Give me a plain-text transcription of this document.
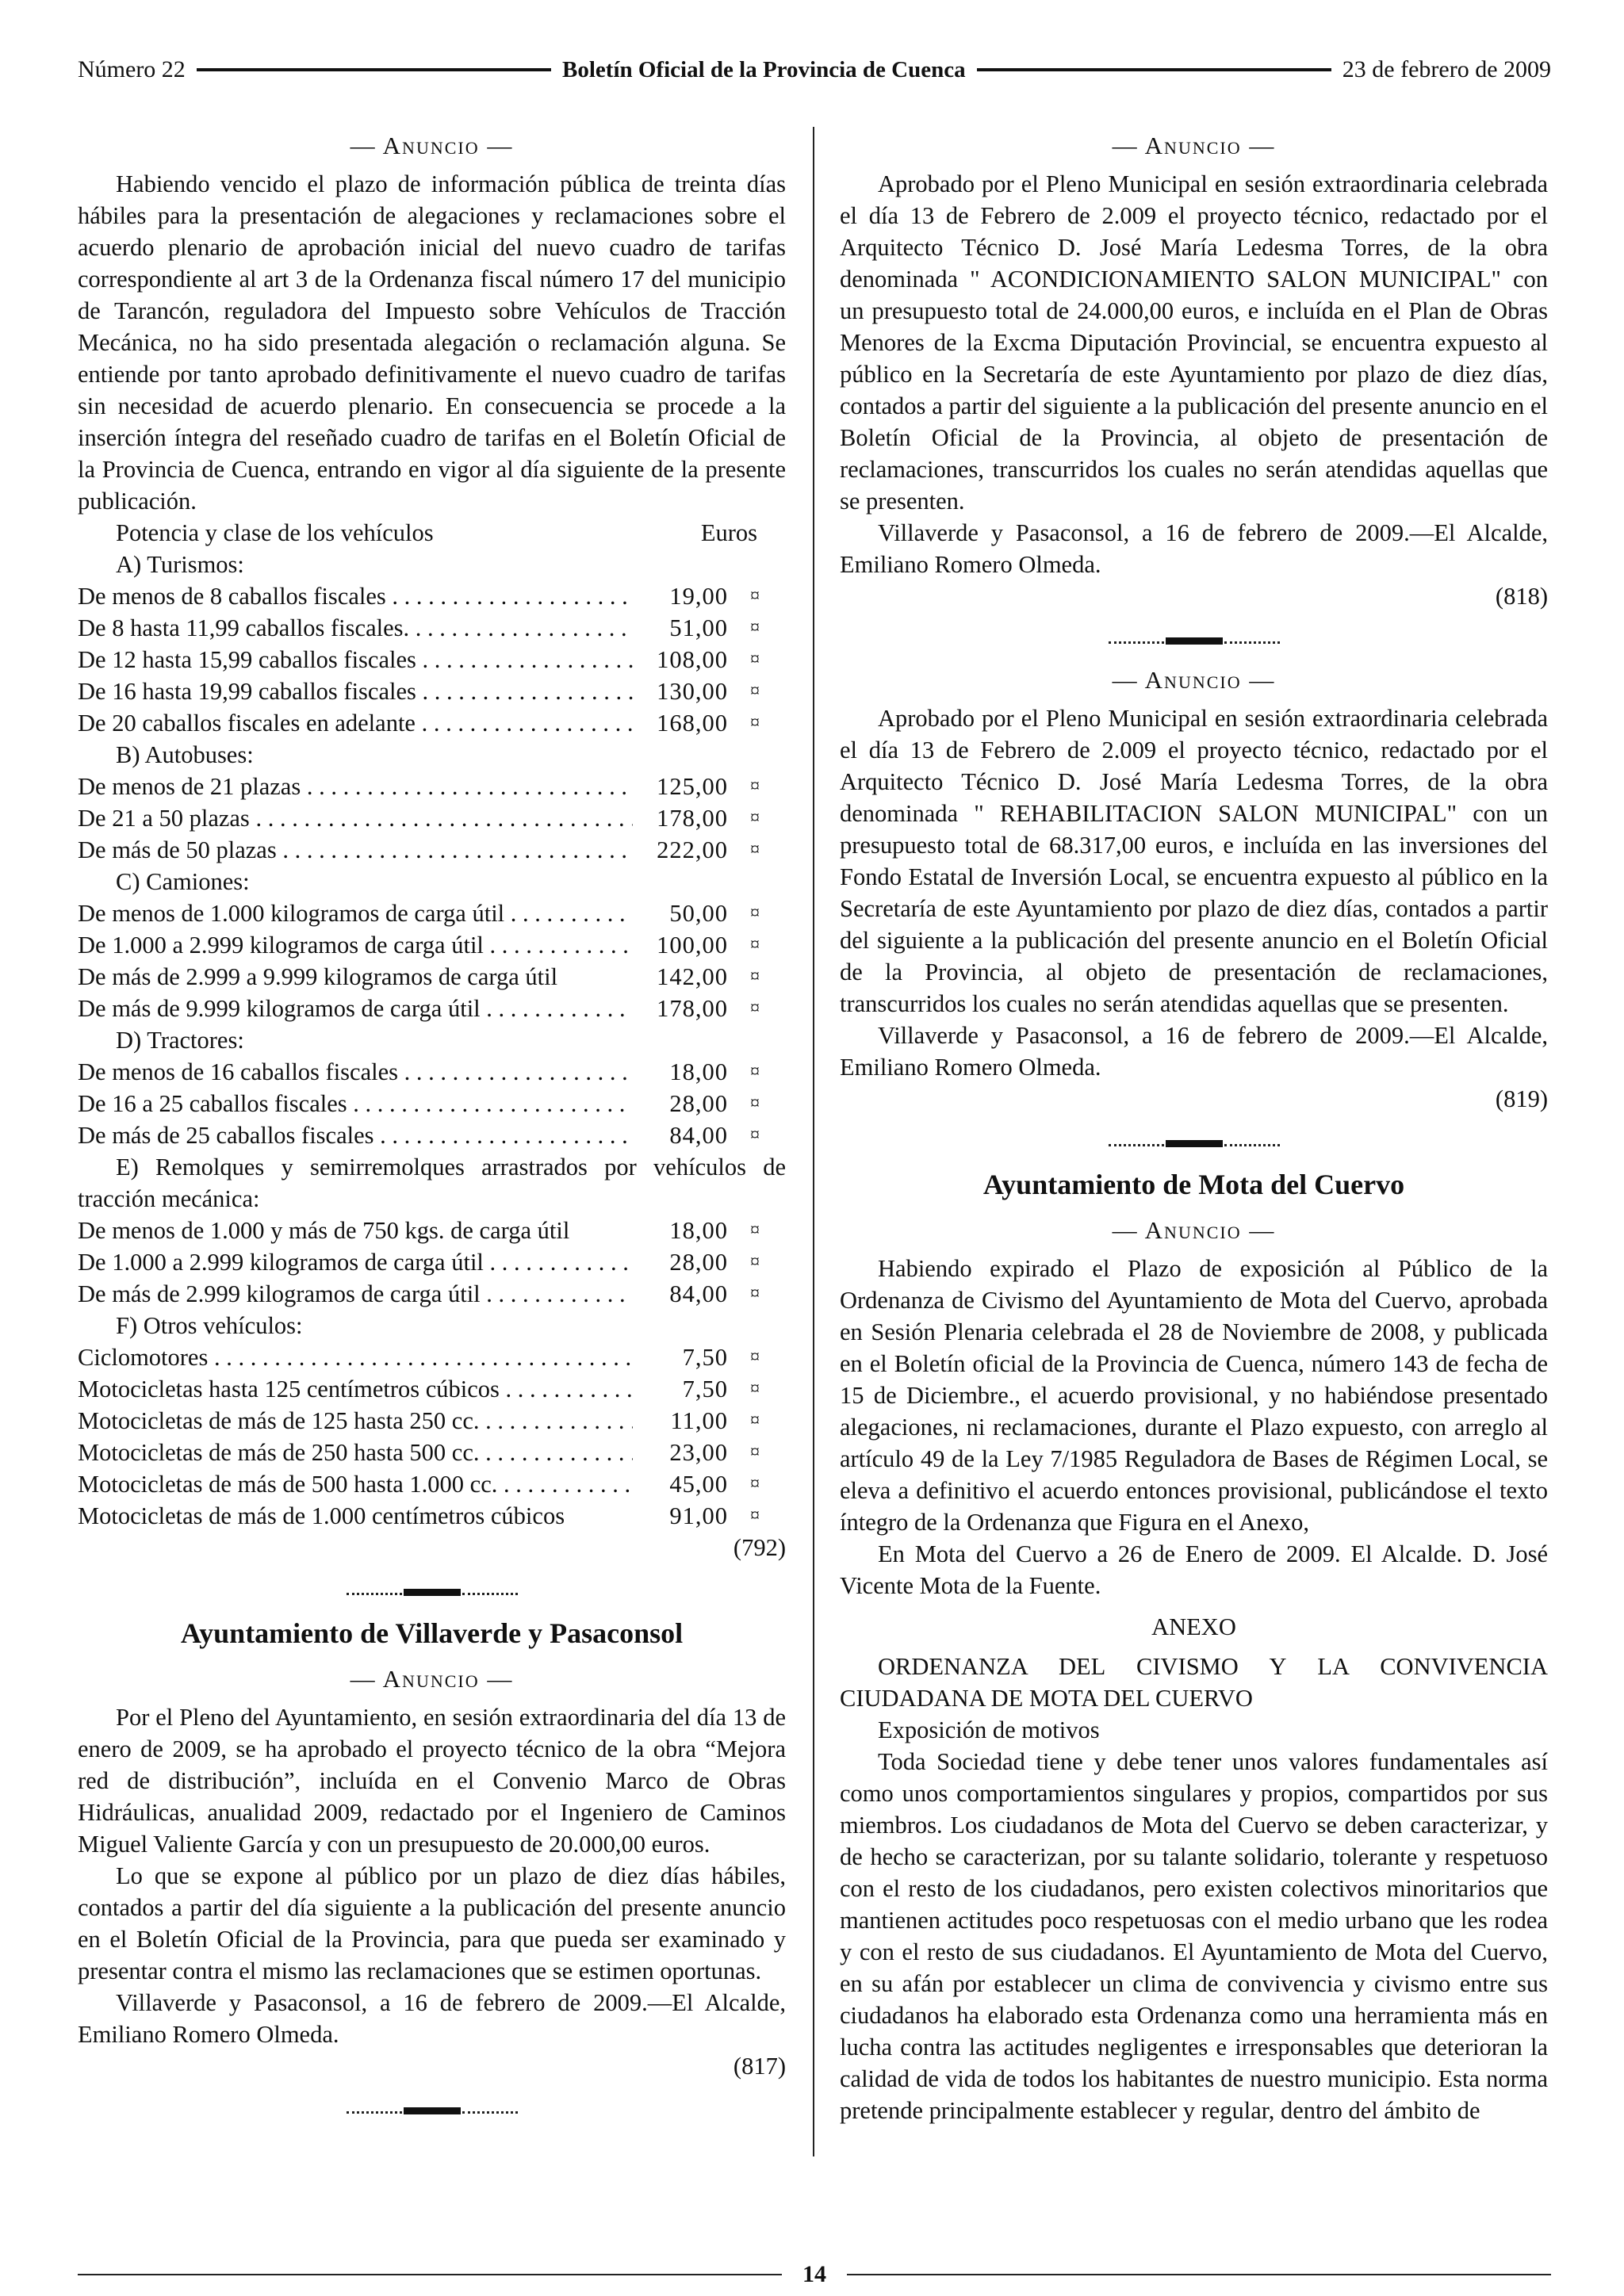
Número 22	Boletín Oficial de la Provincia de Cuenca	23 de febrero de 2009
— Anuncio —

Habiendo vencido el plazo de información pública de treinta días hábiles para la presentación de alegaciones y reclamaciones sobre el acuerdo plenario de aprobación inicial del nuevo cuadro de tarifas correspondiente al art 3 de la Ordenanza fiscal número 17 del municipio de Tarancón, reguladora del Impuesto sobre Vehículos de Tracción Mecánica, no ha sido presentada alegación o reclamación alguna. Se entiende por tanto aprobado definitivamente el nuevo cuadro de tarifas sin necesidad de acuerdo plenario. En consecuencia se procede a la inserción íntegra del reseñado cuadro de tarifas en el Boletín Oficial de la Provincia de Cuenca, entrando en vigor al día siguiente de la presente publicación.

Potencia y clase de los vehículos	Euros
A) Turismos:
De menos de 8 caballos fiscales . . .	19,00	¤
De 8 hasta 11,99 caballos fiscales. . . .	51,00	¤
De 12 hasta 15,99 caballos fiscales . . .	108,00	¤
De 16 hasta 19,99 caballos fiscales . . .	130,00	¤
De 20 caballos fiscales en adelante . . .	168,00	¤
B) Autobuses:
De menos de 21 plazas . . .	125,00	¤
De 21 a 50 plazas . . .	178,00	¤
De más de 50 plazas . . .	222,00	¤
C) Camiones:
De menos de 1.000 kilogramos de carga útil . . .	50,00	¤
De 1.000 a 2.999 kilogramos de carga útil . . .	100,00	¤
De más de 2.999 a 9.999 kilogramos de carga útil	142,00	¤
De más de 9.999 kilogramos de carga útil . . .	178,00	¤
D) Tractores:
De menos de 16 caballos fiscales . . .	18,00	¤
De 16 a 25 caballos fiscales . . .	28,00	¤
De más de 25 caballos fiscales . . .	84,00	¤

E) Remolques y semirremolques arrastrados por vehículos de tracción mecánica:

De menos de 1.000 y más de 750 kgs. de carga útil	18,00	¤
De 1.000 a 2.999 kilogramos de carga útil . . .	28,00	¤
De más de 2.999 kilogramos de carga útil . . .	84,00	¤
F) Otros vehículos:
Ciclomotores . . .	7,50	¤
Motocicletas hasta 125 centímetros cúbicos . . .	7,50	¤
Motocicletas de más de 125 hasta 250 cc. . . .	11,00	¤
Motocicletas de más de 250 hasta 500 cc. . . .	23,00	¤
Motocicletas de más de 500 hasta 1.000 cc. . . .	45,00	¤
Motocicletas de más de 1.000 centímetros cúbicos	91,00	¤
(792)
Ayuntamiento de Villaverde y Pasaconsol
— Anuncio —

Por el Pleno del Ayuntamiento, en sesión extraordinaria del día 13 de enero de 2009, se ha aprobado el proyecto técnico de la obra “Mejora red de distribución”, incluída en el Convenio Marco de Obras Hidráulicas, anualidad 2009, redactado por el Ingeniero de Caminos Miguel Valiente García y con un presupuesto de 20.000,00 euros.

Lo que se expone al público por un plazo de diez días hábiles, contados a partir del día siguiente a la publicación del presente anuncio en el Boletín Oficial de la Provincia, para que pueda ser examinado y presentar contra el mismo las reclamaciones que se estimen oportunas.

Villaverde y Pasaconsol, a 16 de febrero de 2009.—El Alcalde, Emiliano Romero Olmeda.

(817)
— Anuncio —

Aprobado por el Pleno Municipal en sesión extraordinaria celebrada el día 13 de Febrero de 2.009 el proyecto técnico, redactado por el Arquitecto Técnico D. José María Ledesma Torres, de la obra denominada " ACONDICIONAMIENTO SALON MUNICIPAL" con un presupuesto total de 24.000,00 euros, e incluída en el Plan de Obras Menores de la Excma Diputación Provincial, se encuentra expuesto al público en la Secretaría de este Ayuntamiento por plazo de diez días, contados a partir del siguiente a la publicación del presente anuncio en el Boletín Oficial de la Provincia, al objeto de presentación de reclamaciones, transcurridos los cuales no serán atendidas aquellas que se presenten.

Villaverde y Pasaconsol, a 16 de febrero de 2009.—El Alcalde, Emiliano Romero Olmeda.

(818)
— Anuncio —

Aprobado por el Pleno Municipal en sesión extraordinaria celebrada el día 13 de Febrero de 2.009 el proyecto técnico, redactado por el Arquitecto Técnico D. José María Ledesma Torres, de la obra denominada " REHABILITACION SALON MUNICIPAL" con un presupuesto total de 68.317,00 euros, e incluída en las inversiones del Fondo Estatal de Inversión Local, se encuentra expuesto al público en la Secretaría de este Ayuntamiento por plazo de diez días, contados a partir del siguiente a la publicación del presente anuncio en el Boletín Oficial de la Provincia, al objeto de presentación de reclamaciones, transcurridos los cuales no serán atendidas aquellas que se presenten.

Villaverde y Pasaconsol, a 16 de febrero de 2009.—El Alcalde, Emiliano Romero Olmeda.

(819)
Ayuntamiento de Mota del Cuervo
— Anuncio —

Habiendo expirado el Plazo de exposición al Público de la Ordenanza de Civismo del Ayuntamiento de Mota del Cuervo, aprobada en Sesión Plenaria celebrada el 28 de Noviembre de 2008, y publicada en el Boletín oficial de la Provincia de Cuenca, número 143 de fecha de 15 de Diciembre., el acuerdo provisional, y no habiéndose presentado alegaciones, ni reclamaciones, durante el Plazo expuesto, con arreglo al artículo 49 de la Ley 7/1985 Reguladora de Bases de Régimen Local, se eleva a definitivo el acuerdo entonces provisional, publicándose el texto íntegro de la Ordenanza que Figura en el Anexo,

En Mota del Cuervo a 26 de Enero de 2009. El Alcalde. D. José Vicente Mota de la Fuente.

ANEXO

ORDENANZA DEL CIVISMO Y LA CONVIVENCIA CIUDADANA DE MOTA DEL CUERVO

Exposición de motivos

Toda Sociedad tiene y debe tener unos valores fundamentales así como unos comportamientos singulares y propios, compartidos por sus miembros. Los ciudadanos de Mota del Cuervo se deben caracterizar, y de hecho se caracterizan, por su talante solidario, tolerante y respetuoso con el resto de los ciudadanos, pero existen colectivos minoritarios que mantienen actitudes poco respetuosas con el medio urbano que les rodea y con el resto de sus ciudadanos. El Ayuntamiento de Mota del Cuervo, en su afán por establecer un clima de convivencia y civismo entre sus ciudadanos ha elaborado esta Ordenanza como una herramienta más en lucha contra las actitudes negligentes e irresponsables que deterioran la calidad de vida de todos los habitantes de nuestro municipio. Esta norma pretende principalmente establecer y regular, dentro del ámbito de

14
